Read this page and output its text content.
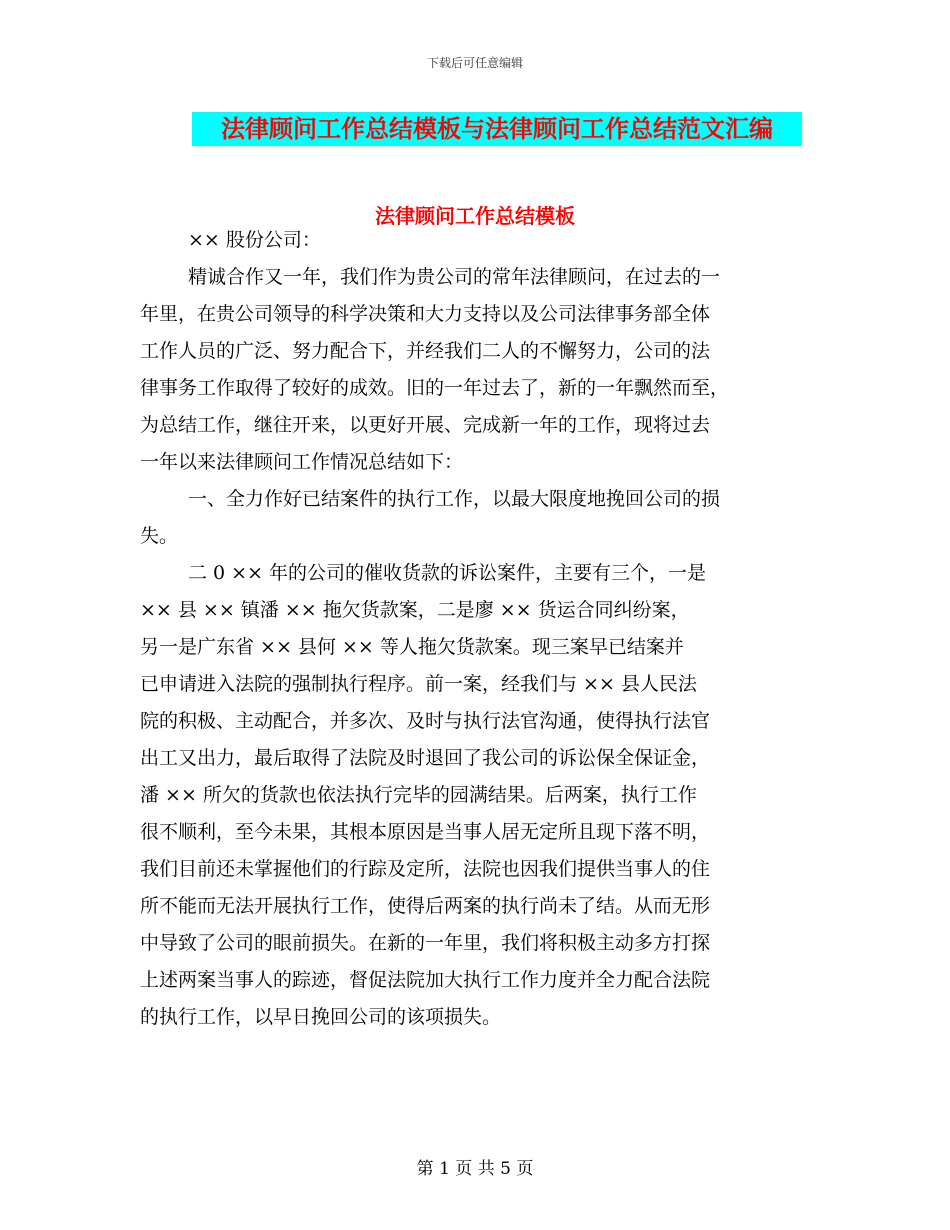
下载后可任意编辑
法律顾问工作总结模板与法律顾问工作总结范文汇编
法律顾问工作总结模板
×× 股份公司：
精诚合作又一年，我们作为贵公司的常年法律顾问，在过去的一
年里，在贵公司领导的科学决策和大力支持以及公司法律事务部全体
工作人员的广泛、努力配合下，并经我们二人的不懈努力，公司的法
律事务工作取得了较好的成效。旧的一年过去了，新的一年飘然而至，
为总结工作，继往开来，以更好开展、完成新一年的工作，现将过去
一年以来法律顾问工作情况总结如下：
一、全力作好已结案件的执行工作，以最大限度地挽回公司的损
失。
二 0 ×× 年的公司的催收货款的诉讼案件，主要有三个，一是
×× 县 ×× 镇潘 ×× 拖欠货款案，二是廖 ×× 货运合同纠纷案，
另一是广东省 ×× 县何 ×× 等人拖欠货款案。现三案早已结案并
已申请进入法院的强制执行程序。前一案，经我们与 ×× 县人民法
院的积极、主动配合，并多次、及时与执行法官沟通，使得执行法官
出工又出力，最后取得了法院及时退回了我公司的诉讼保全保证金，
潘 ×× 所欠的货款也依法执行完毕的园满结果。后两案，执行工作
很不顺利，至今未果，其根本原因是当事人居无定所且现下落不明，
我们目前还未掌握他们的行踪及定所，法院也因我们提供当事人的住
所不能而无法开展执行工作，使得后两案的执行尚未了结。从而无形
中导致了公司的眼前损失。在新的一年里，我们将积极主动多方打探
上述两案当事人的踪迹，督促法院加大执行工作力度并全力配合法院
的执行工作，以早日挽回公司的该项损失。
第 1 页 共 5 页
